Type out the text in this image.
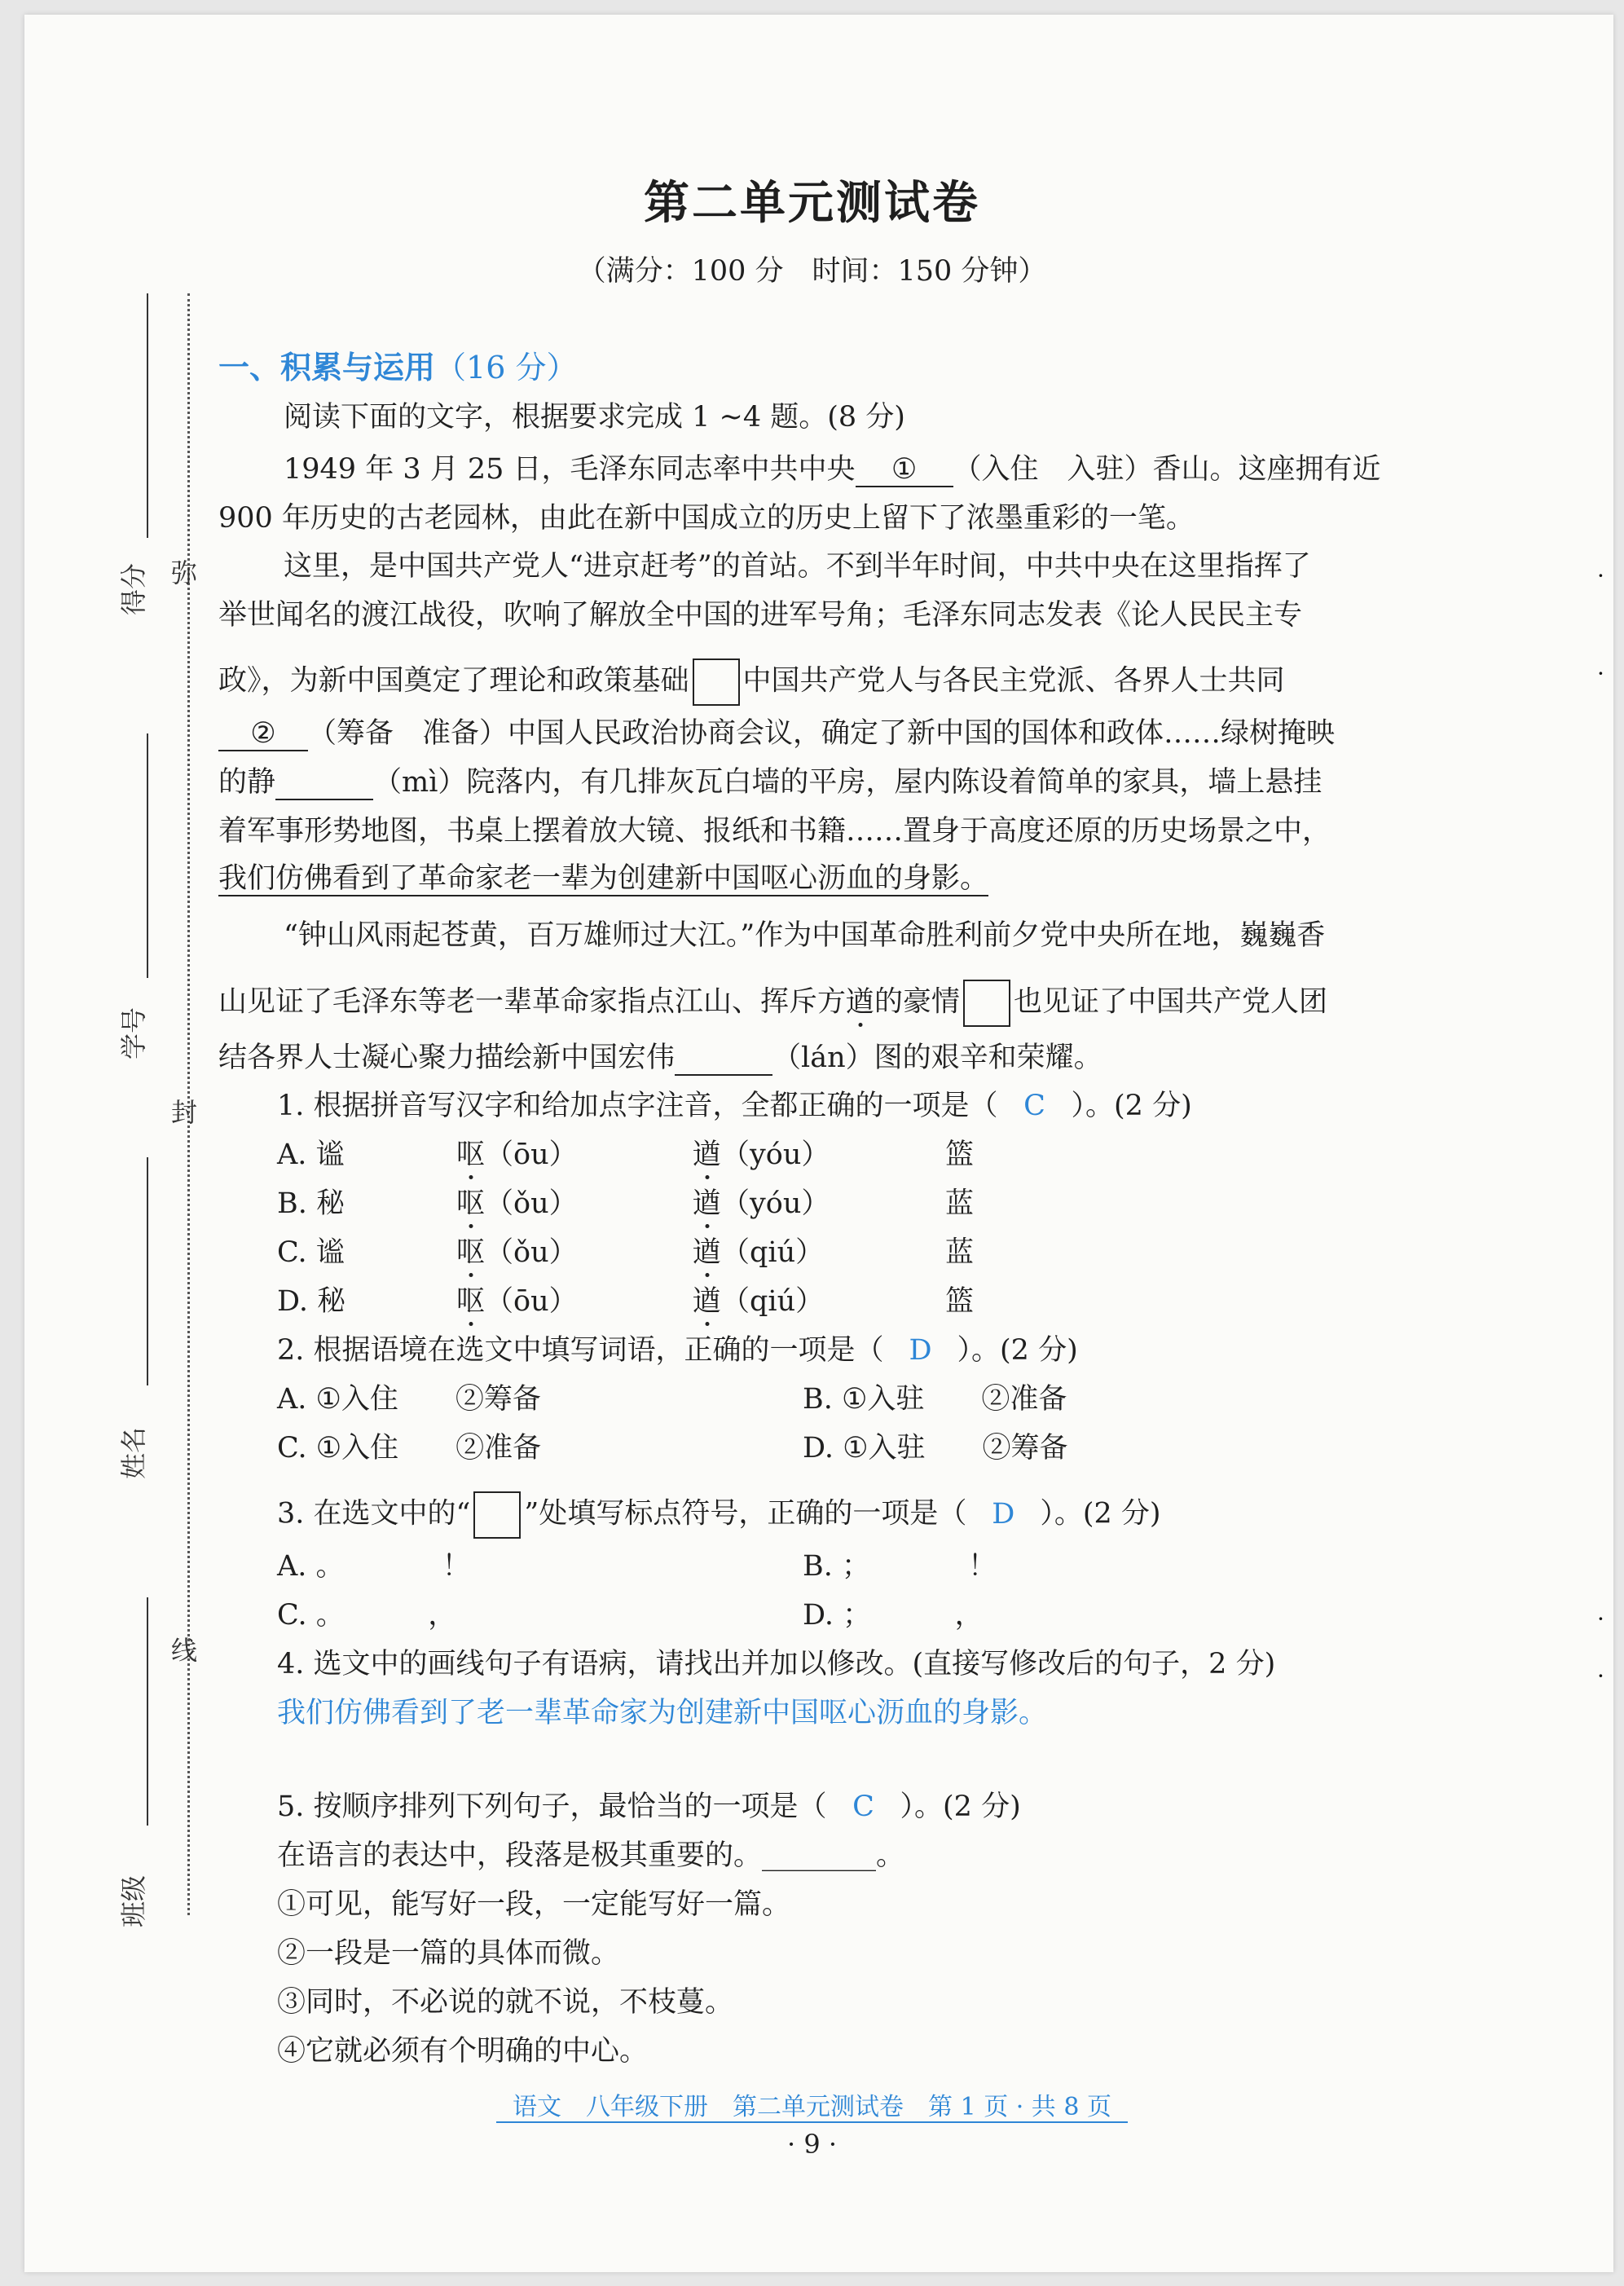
第二单元测试卷
（满分：100 分　时间：150 分钟）
得分
学号
姓名
班级
弥
封
线
一、积累与运用（16 分）
阅读下面的文字，根据要求完成 1 ~4 题。(8 分)
1949 年 3 月 25 日，毛泽东同志率中共中央 ① （入住　入驻）香山。这座拥有近
900 年历史的古老园林，由此在新中国成立的历史上留下了浓墨重彩的一笔。
这里，是中国共产党人“进京赶考”的首站。不到半年时间，中共中央在这里指挥了
举世闻名的渡江战役，吹响了解放全中国的进军号角；毛泽东同志发表《论人民民主专
政》，为新中国奠定了理论和政策基础 中国共产党人与各民主党派、各界人士共同
② （筹备　准备）中国人民政治协商会议，确定了新中国的国体和政体……绿树掩映
的静	（mì）院落内，有几排灰瓦白墙的平房，屋内陈设着简单的家具，墙上悬挂
着军事形势地图，书桌上摆着放大镜、报纸和书籍……置身于高度还原的历史场景之中，
我们仿佛看到了革命家老一辈为创建新中国呕心沥血的身影。
“钟山风雨起苍黄，百万雄师过大江。”作为中国革命胜利前夕党中央所在地，巍巍香
山见证了毛泽东等老一辈革命家指点江山、挥斥方遒的豪情 也见证了中国共产党人团
结各界人士凝心聚力描绘新中国宏伟	（lán）图的艰辛和荣耀。
1. 根据拼音写汉字和给加点字注音，全都正确的一项是（ C ）。(2 分)
A. 谧	呕（ōu）	遒（yóu）	篮
B. 秘	呕（ǒu）	遒（yóu）	蓝
C. 谧	呕（ǒu）	遒（qiú）	蓝
D. 秘	呕（ōu）	遒（qiú）	篮
2. 根据语境在选文中填写词语，正确的一项是（ D ）。(2 分)
A. ①入住　　②筹备	B. ①入驻　　②准备
C. ①入住　　②准备	D. ①入驻　　②筹备
3. 在选文中的“ ”处填写标点符号，正确的一项是（ D ）。(2 分)
A. 。	！	B. ；	！
C. 。	，	D. ；	，
4. 选文中的画线句子有语病，请找出并加以修改。(直接写修改后的句子，2 分)
我们仿佛看到了老一辈革命家为创建新中国呕心沥血的身影。
5. 按顺序排列下列句子，最恰当的一项是（ C ）。(2 分)
在语言的表达中，段落是极其重要的。________。
①可见，能写好一段，一定能写好一篇。
②一段是一篇的具体而微。
③同时，不必说的就不说，不枝蔓。
④它就必须有个明确的中心。
语文　八年级下册　第二单元测试卷　第 1 页 · 共 8 页
· 9 ·
·
·
·
·
